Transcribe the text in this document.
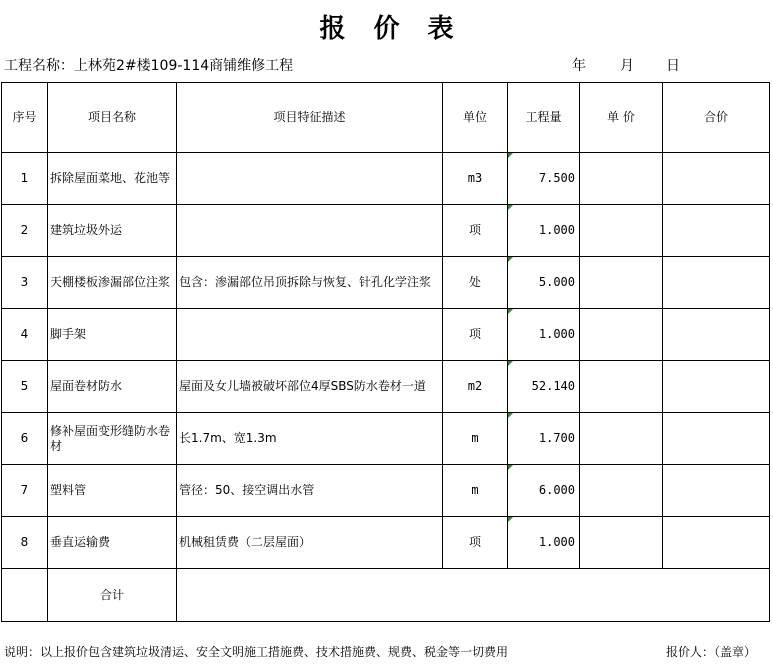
报价表
工程名称：上林苑2#楼109-114商铺维修工程	年 月 日
序号	项目名称	项目特征描述	单位	工程量	单 价	合价
1	拆除屋面菜地、花池等		m3	7.500		
2	建筑垃圾外运		项	1.000		
3	天棚楼板渗漏部位注浆	包含：渗漏部位吊顶拆除与恢复、针孔化学注浆	处	5.000		
4	脚手架		项	1.000		
5	屋面卷材防水	屋面及女儿墙被破坏部位4厚SBS防水卷材一道	m2	52.140		
6	修补屋面变形缝防水卷材	长1.7m、宽1.3m	m	1.700		
7	塑料管	管径：50、接空调出水管	m	6.000		
8	垂直运输费	机械租赁费（二层屋面）	项	1.000		
	合计					
说明：以上报价包含建筑垃圾清运、安全文明施工措施费、技术措施费、规费、税金等一切费用	报价人：（盖章）
